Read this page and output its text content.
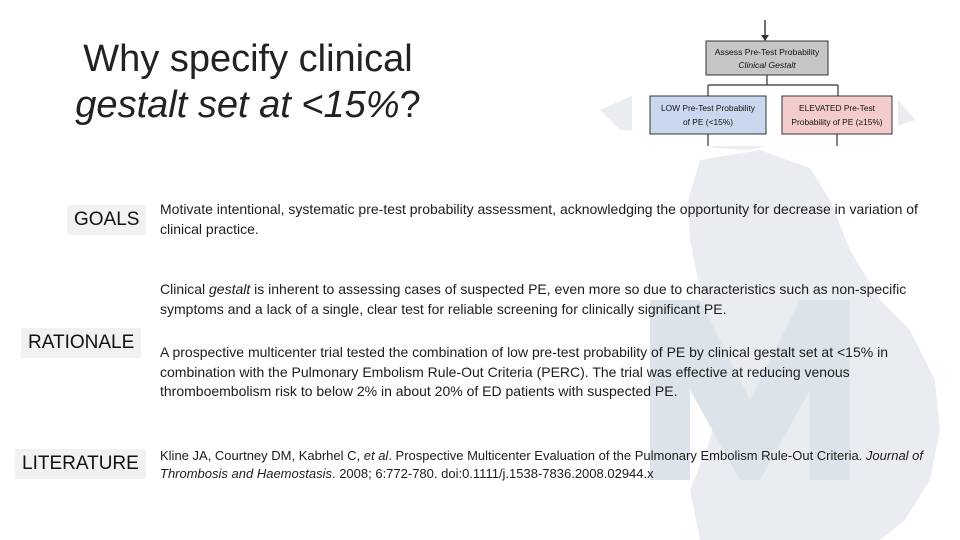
Why specify clinical
gestalt set at <15%?
Assess Pre-Test Probability
Clinical Gestalt
LOW Pre-Test Probability
of PE (<15%)
ELEVATED Pre-Test
Probability of PE (≥15%)
GOALS	Motivate intentional, systematic pre-test probability assessment, acknowledging the opportunity for decrease in variation of clinical practice.
Clinical gestalt is inherent to assessing cases of suspected PE, even more so due to characteristics such as non-specific symptoms and a lack of a single, clear test for reliable screening for clinically significant PE.
RATIONALE	A prospective multicenter trial tested the combination of low pre-test probability of PE by clinical gestalt set at <15% in combination with the Pulmonary Embolism Rule-Out Criteria (PERC). The trial was effective at reducing venous thromboembolism risk to below 2% in about 20% of ED patients with suspected PE.
LITERATURE	Kline JA, Courtney DM, Kabrhel C, et al. Prospective Multicenter Evaluation of the Pulmonary Embolism Rule-Out Criteria. Journal of Thrombosis and Haemostasis. 2008; 6:772-780. doi:0.1111/j.1538-7836.2008.02944.x
